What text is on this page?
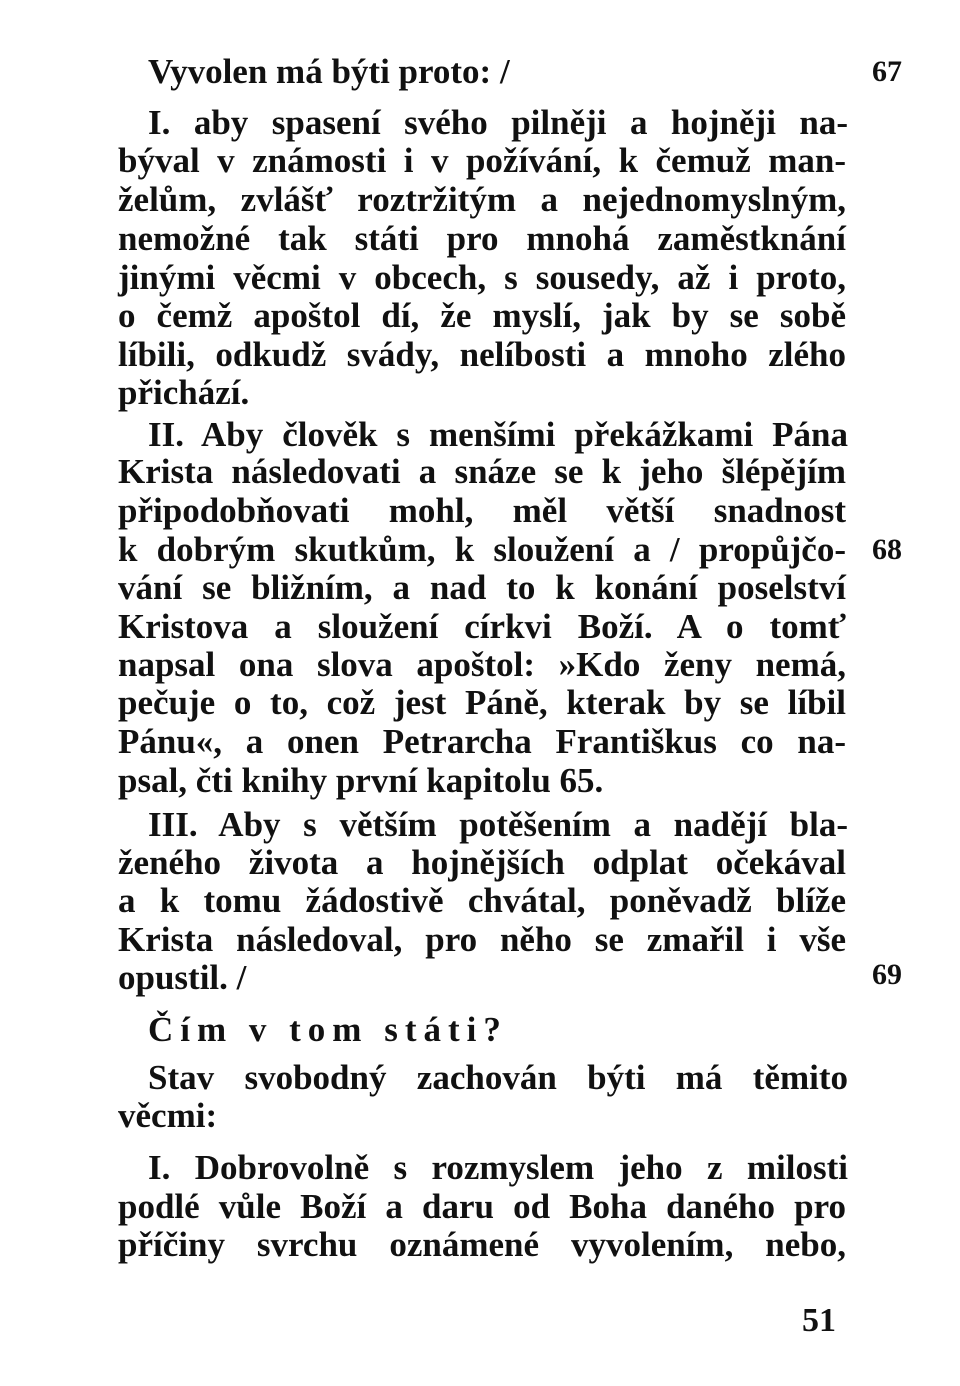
Vyvolen má býti proto: /	67
I. aby spasení svého pilněji a hojněji na-
býval v známosti i v požívání, k čemuž man-
želům, zvlášť roztržitým a nejednomyslným,
nemožné tak státi pro mnohá zaměstknání
jinými věcmi v obcech, s sousedy, až i proto,
o čemž apoštol dí, že myslí, jak by se sobě
líbili, odkudž svády, nelíbosti a mnoho zlého
přichází.
II. Aby člověk s menšími překážkami Pána
Krista následovati a snáze se k jeho šlépějím
připodobňovati mohl, měl větší snadnost
k dobrým skutkům, k sloužení a / propůjčo- 68
vání se bližním, a nad to k konání poselství
Kristova a sloužení církvi Boží. A o tomť
napsal ona slova apoštol: »Kdo ženy nemá,
pečuje o to, což jest Páně, kterak by se líbil
Pánu«, a onen Petrarcha Františkus co na-
psal, čti knihy první kapitolu 65.
III. Aby s větším potěšením a nadějí bla-
ženého života a hojnějších odplat očekával
a k tomu žádostivě chvátal, poněvadž blíže
Krista následoval, pro něho se zmařil i vše
opustil. /	69
Čím v tom státi?
Stav svobodný zachován býti má těmito
věcmi:
I. Dobrovolně s rozmyslem jeho z milosti
podlé vůle Boží a daru od Boha daného pro
příčiny svrchu oznámené vyvolením, nebo,
51
